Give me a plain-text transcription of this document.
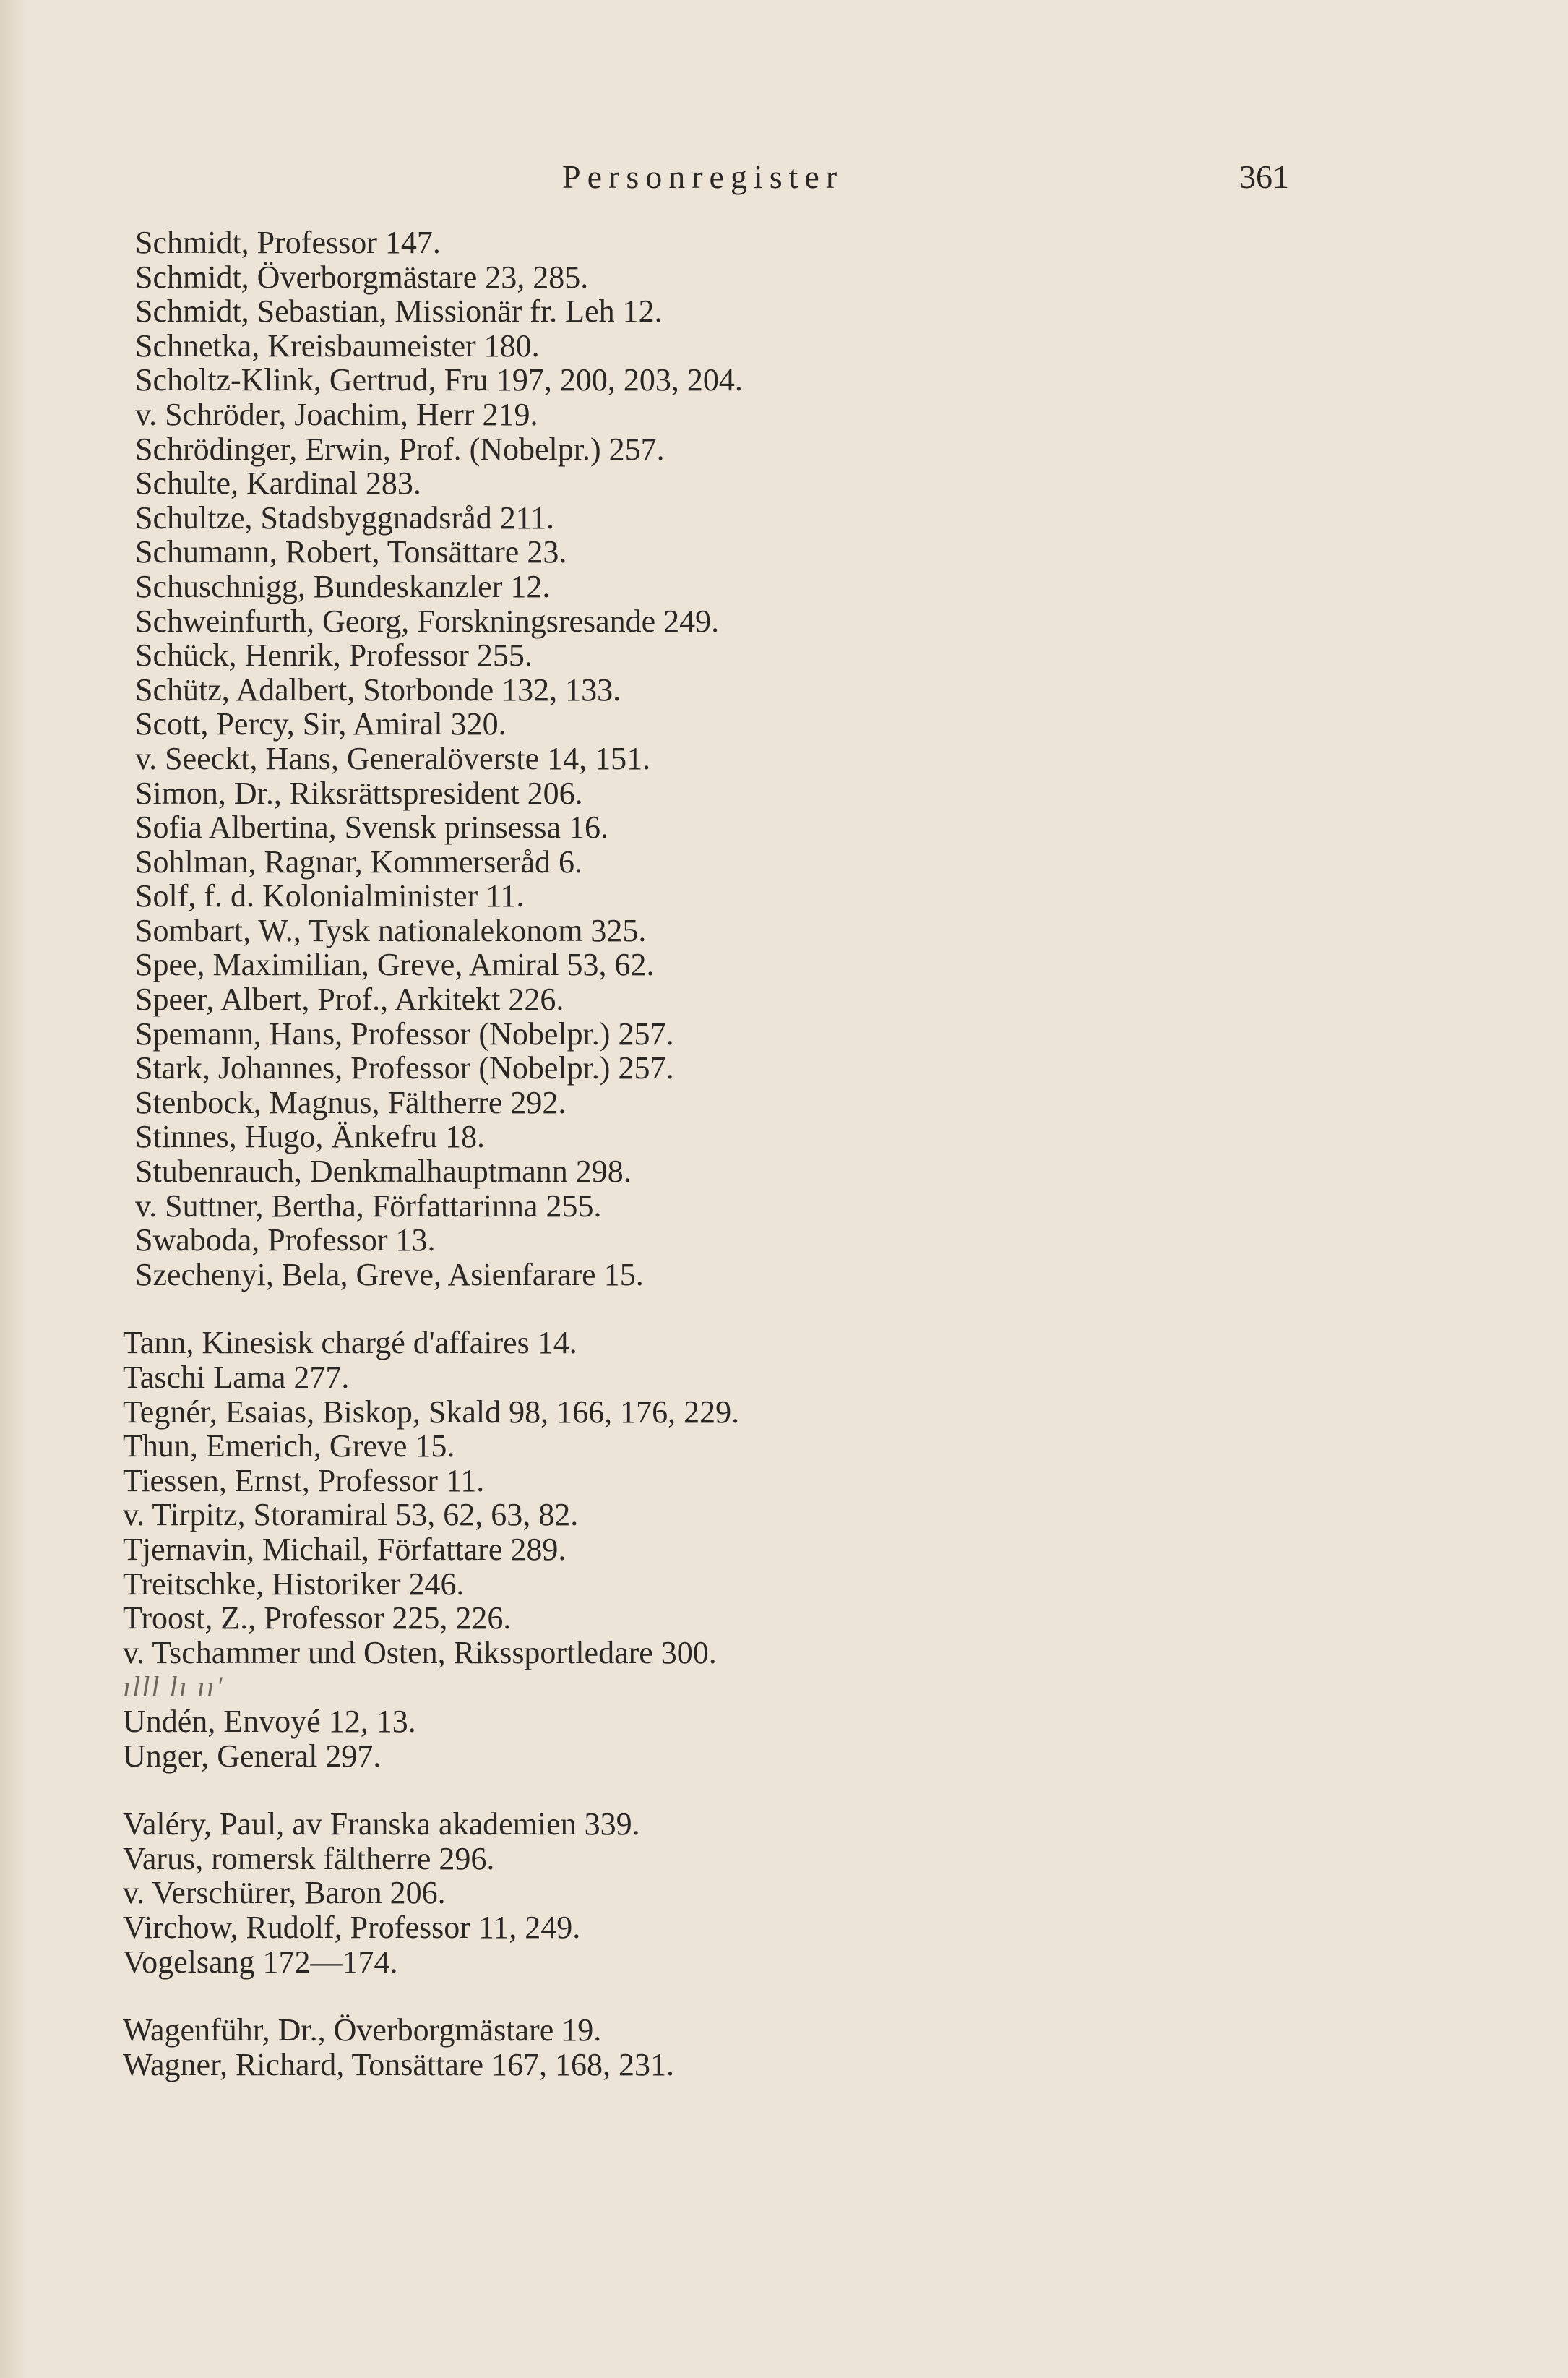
Personregister	361
Schmidt, Professor 147.
Schmidt, Överborgmästare 23, 285.
Schmidt, Sebastian, Missionär fr. Leh 12.
Schnetka, Kreisbaumeister 180.
Scholtz-Klink, Gertrud, Fru 197, 200, 203, 204.
v. Schröder, Joachim, Herr 219.
Schrödinger, Erwin, Prof. (Nobelpr.) 257.
Schulte, Kardinal 283.
Schultze, Stadsbyggnadsråd 211.
Schumann, Robert, Tonsättare 23.
Schuschnigg, Bundeskanzler 12.
Schweinfurth, Georg, Forskningsresande 249.
Schück, Henrik, Professor 255.
Schütz, Adalbert, Storbonde 132, 133.
Scott, Percy, Sir, Amiral 320.
v. Seeckt, Hans, Generalöverste 14, 151.
Simon, Dr., Riksrättspresident 206.
Sofia Albertina, Svensk prinsessa 16.
Sohlman, Ragnar, Kommerseråd 6.
Solf, f. d. Kolonialminister 11.
Sombart, W., Tysk nationalekonom 325.
Spee, Maximilian, Greve, Amiral 53, 62.
Speer, Albert, Prof., Arkitekt 226.
Spemann, Hans, Professor (Nobelpr.) 257.
Stark, Johannes, Professor (Nobelpr.) 257.
Stenbock, Magnus, Fältherre 292.
Stinnes, Hugo, Änkefru 18.
Stubenrauch, Denkmalhauptmann 298.
v. Suttner, Bertha, Författarinna 255.
Swaboda, Professor 13.
Szechenyi, Bela, Greve, Asienfarare 15.
Tann, Kinesisk chargé d'affaires 14.
Taschi Lama 277.
Tegnér, Esaias, Biskop, Skald 98, 166, 176, 229.
Thun, Emerich, Greve 15.
Tiessen, Ernst, Professor 11.
v. Tirpitz, Storamiral 53, 62, 63, 82.
Tjernavin, Michail, Författare 289.
Treitschke, Historiker 246.
Troost, Z., Professor 225, 226.
v. Tschammer und Osten, Rikssportledare 300.
ılll lı ıı'
Undén, Envoyé 12, 13.
Unger, General 297.
Valéry, Paul, av Franska akademien 339.
Varus, romersk fältherre 296.
v. Verschürer, Baron 206.
Virchow, Rudolf, Professor 11, 249.
Vogelsang 172—174.
Wagenführ, Dr., Överborgmästare 19.
Wagner, Richard, Tonsättare 167, 168, 231.
